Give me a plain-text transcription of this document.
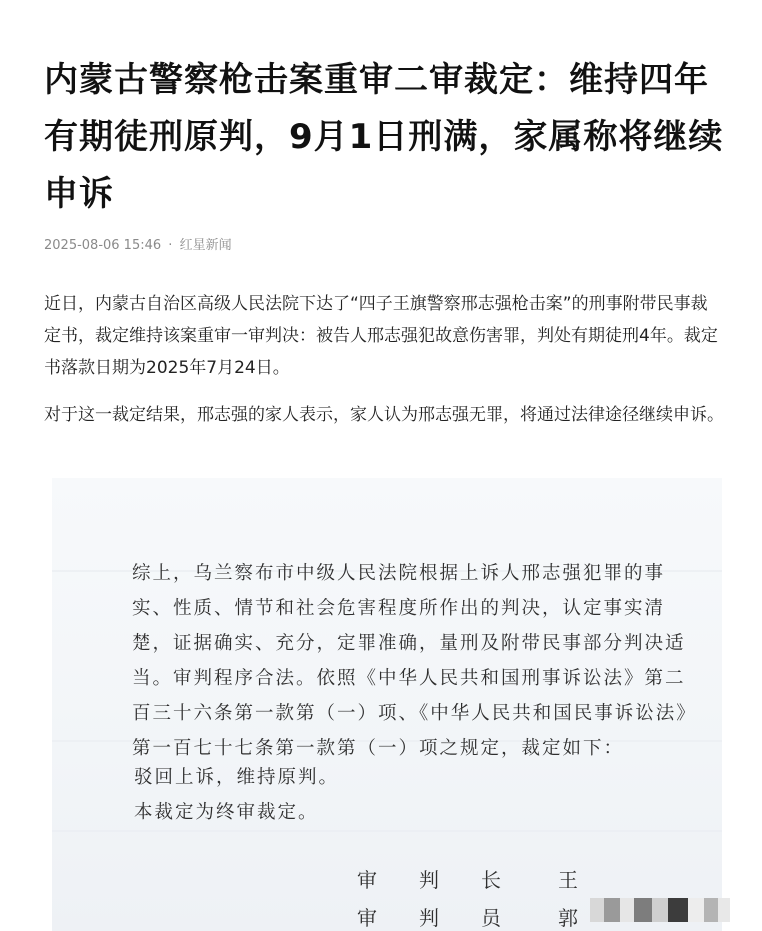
内蒙古警察枪击案重审二审裁定：维持四年有期徒刑原判，9月1日刑满，家属称将继续申诉
2025-08-06 15:46 · 红星新闻

近日，内蒙古自治区高级人民法院下达了“四子王旗警察邢志强枪击案”的刑事附带民事裁定书，裁定维持该案重审一审判决：被告人邢志强犯故意伤害罪，判处有期徒刑4年。裁定书落款日期为2025年7月24日。

对于这一裁定结果，邢志强的家人表示，家人认为邢志强无罪，将通过法律途径继续申诉。

综上，乌兰察布市中级人民法院根据上诉人邢志强犯罪的事实、性质、情节和社会危害程度所作出的判决，认定事实清楚，证据确实、充分，定罪准确，量刑及附带民事部分判决适当。审判程序合法。依照《中华人民共和国刑事诉讼法》第二百三十六条第一款第（一）项、《中华人民共和国民事诉讼法》第一百七十七条第一款第（一）项之规定，裁定如下：

驳回上诉，维持原判。
本裁定为终审裁定。
审判长 王
审判员 郭
